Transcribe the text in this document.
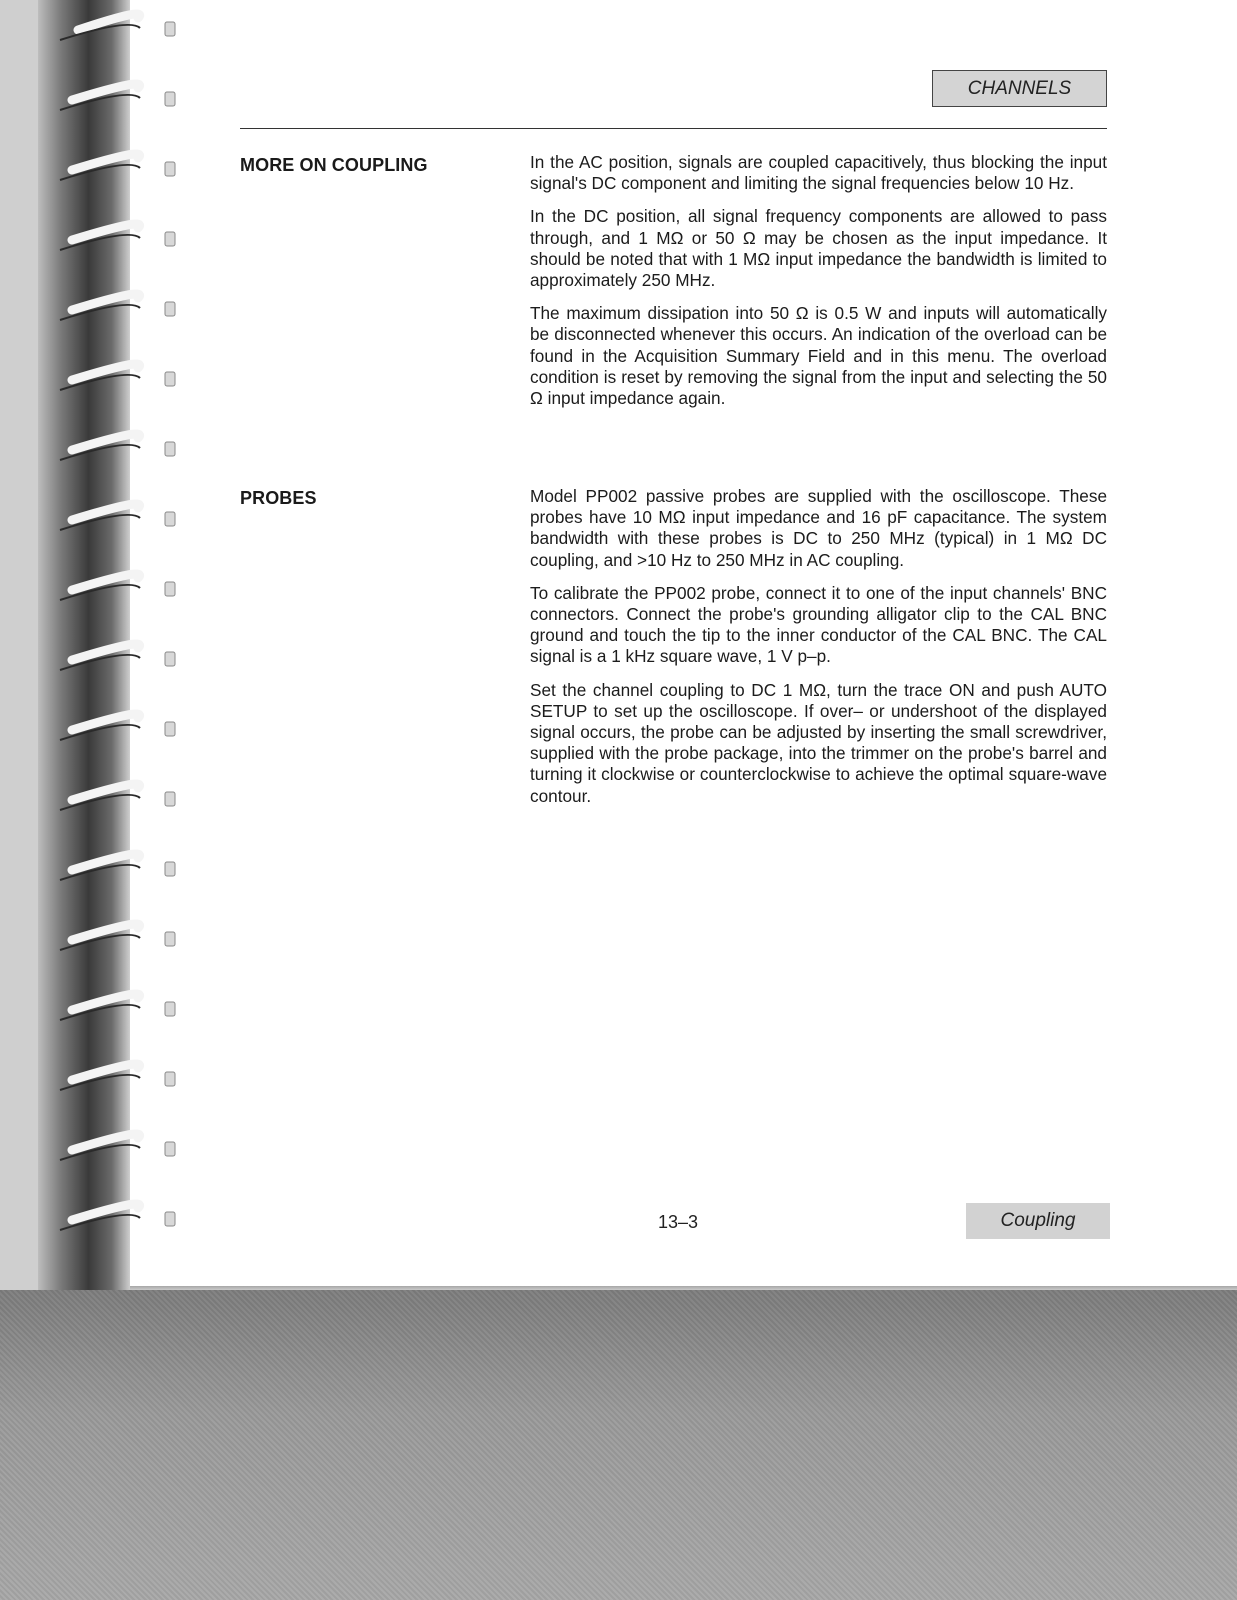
CHANNELS
MORE ON COUPLING	In the AC position, signals are coupled capacitively, thus blocking the input signal's DC component and limiting the signal frequencies below 10 Hz.

In the DC position, all signal frequency components are allowed to pass through, and 1 MΩ or 50 Ω may be chosen as the input impedance. It should be noted that with 1 MΩ input impedance the bandwidth is limited to approximately 250 MHz.

The maximum dissipation into 50 Ω is 0.5 W and inputs will automatically be disconnected whenever this occurs. An indication of the overload can be found in the Acquisition Summary Field and in this menu. The overload condition is reset by removing the signal from the input and selecting the 50 Ω input impedance again.

PROBES	Model PP002 passive probes are supplied with the oscilloscope. These probes have 10 MΩ input impedance and 16 pF capacitance. The system bandwidth with these probes is DC to 250 MHz (typical) in 1 MΩ DC coupling, and >10 Hz to 250 MHz in AC coupling.

To calibrate the PP002 probe, connect it to one of the input channels' BNC connectors. Connect the probe's grounding alligator clip to the CAL BNC ground and touch the tip to the inner conductor of the CAL BNC. The CAL signal is a 1 kHz square wave, 1 V p–p.

Set the channel coupling to DC 1 MΩ, turn the trace ON and push AUTO SETUP to set up the oscilloscope. If over– or undershoot of the displayed signal occurs, the probe can be adjusted by inserting the small screwdriver, supplied with the probe package, into the trimmer on the probe's barrel and turning it clockwise or counterclockwise to achieve the optimal square-wave contour.

13–3	Coupling
